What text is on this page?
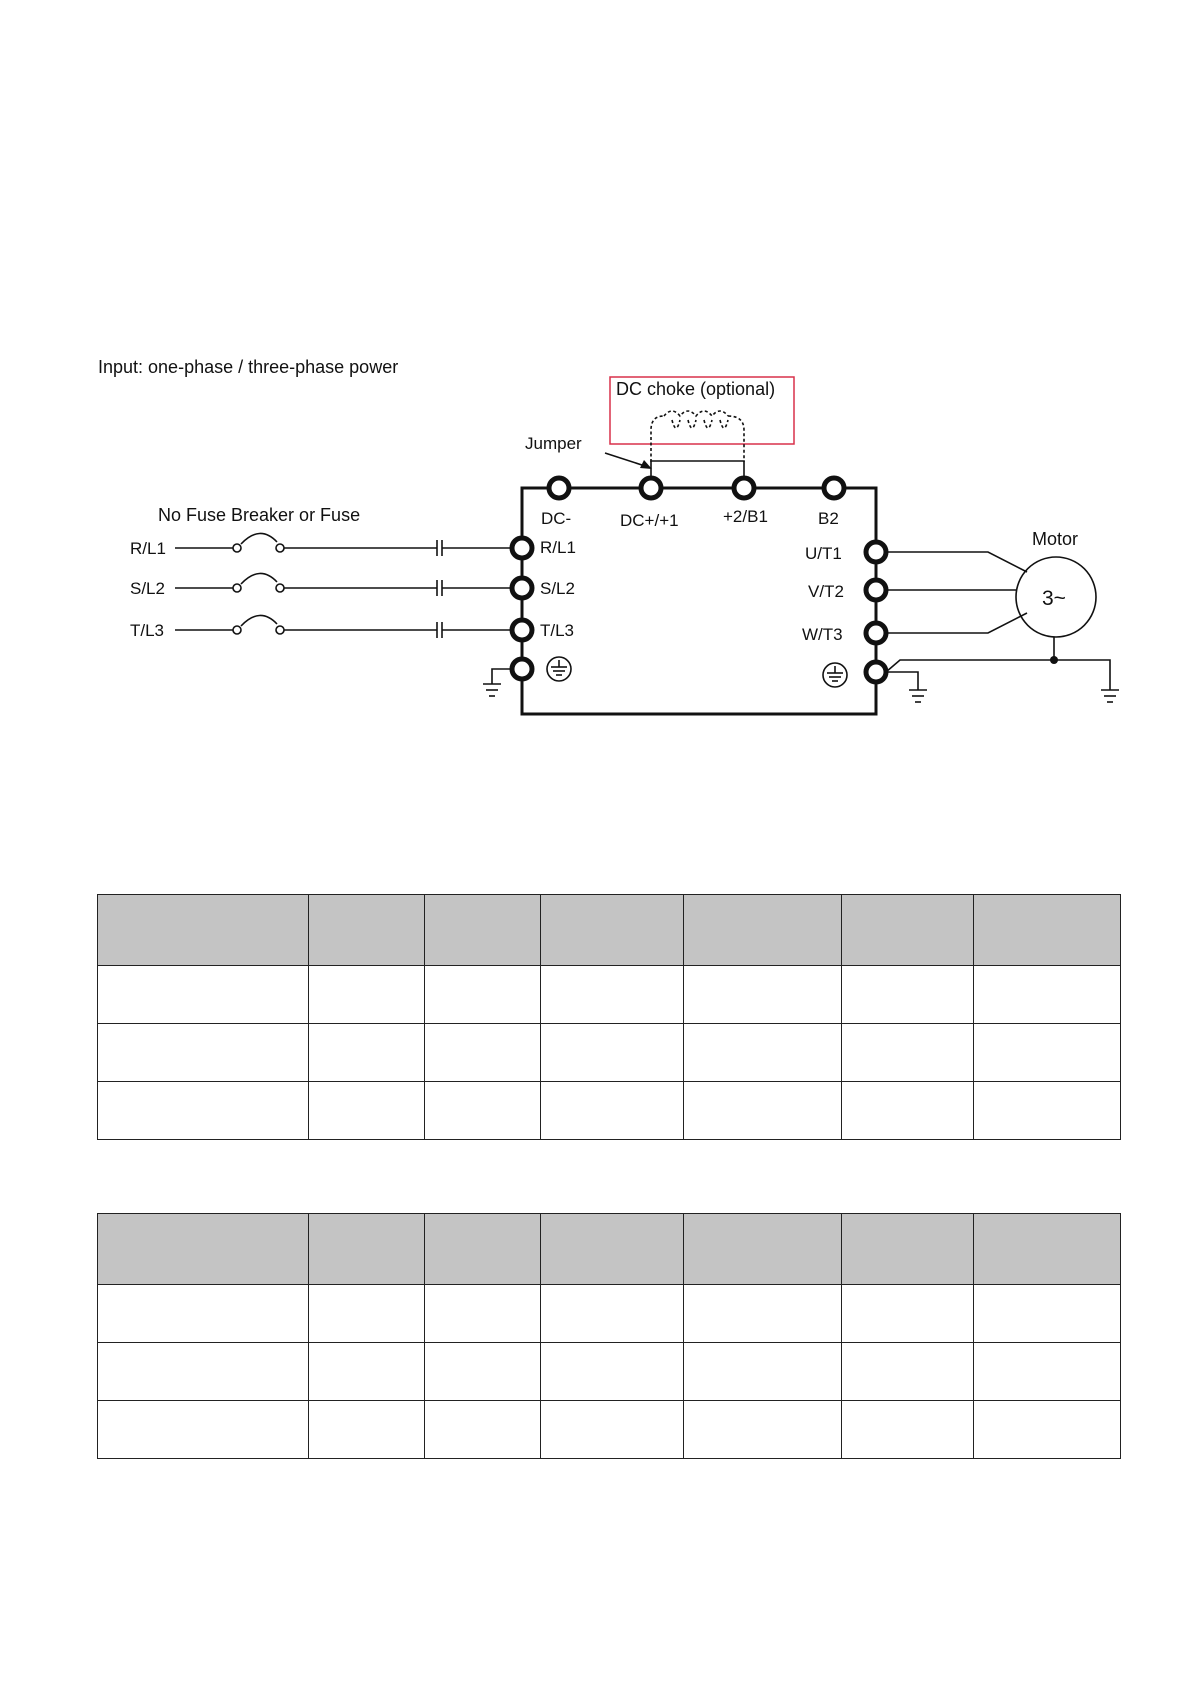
Input: one-phase / three-phase power
DC choke (optional)
Jumper
DC-	DC+/+1	+2/B1	B2
No Fuse Breaker or Fuse
R/L1	R/L1
S/L2	S/L2
T/L3	T/L3
U/T1
V/T2
W/T3
Motor
3~
